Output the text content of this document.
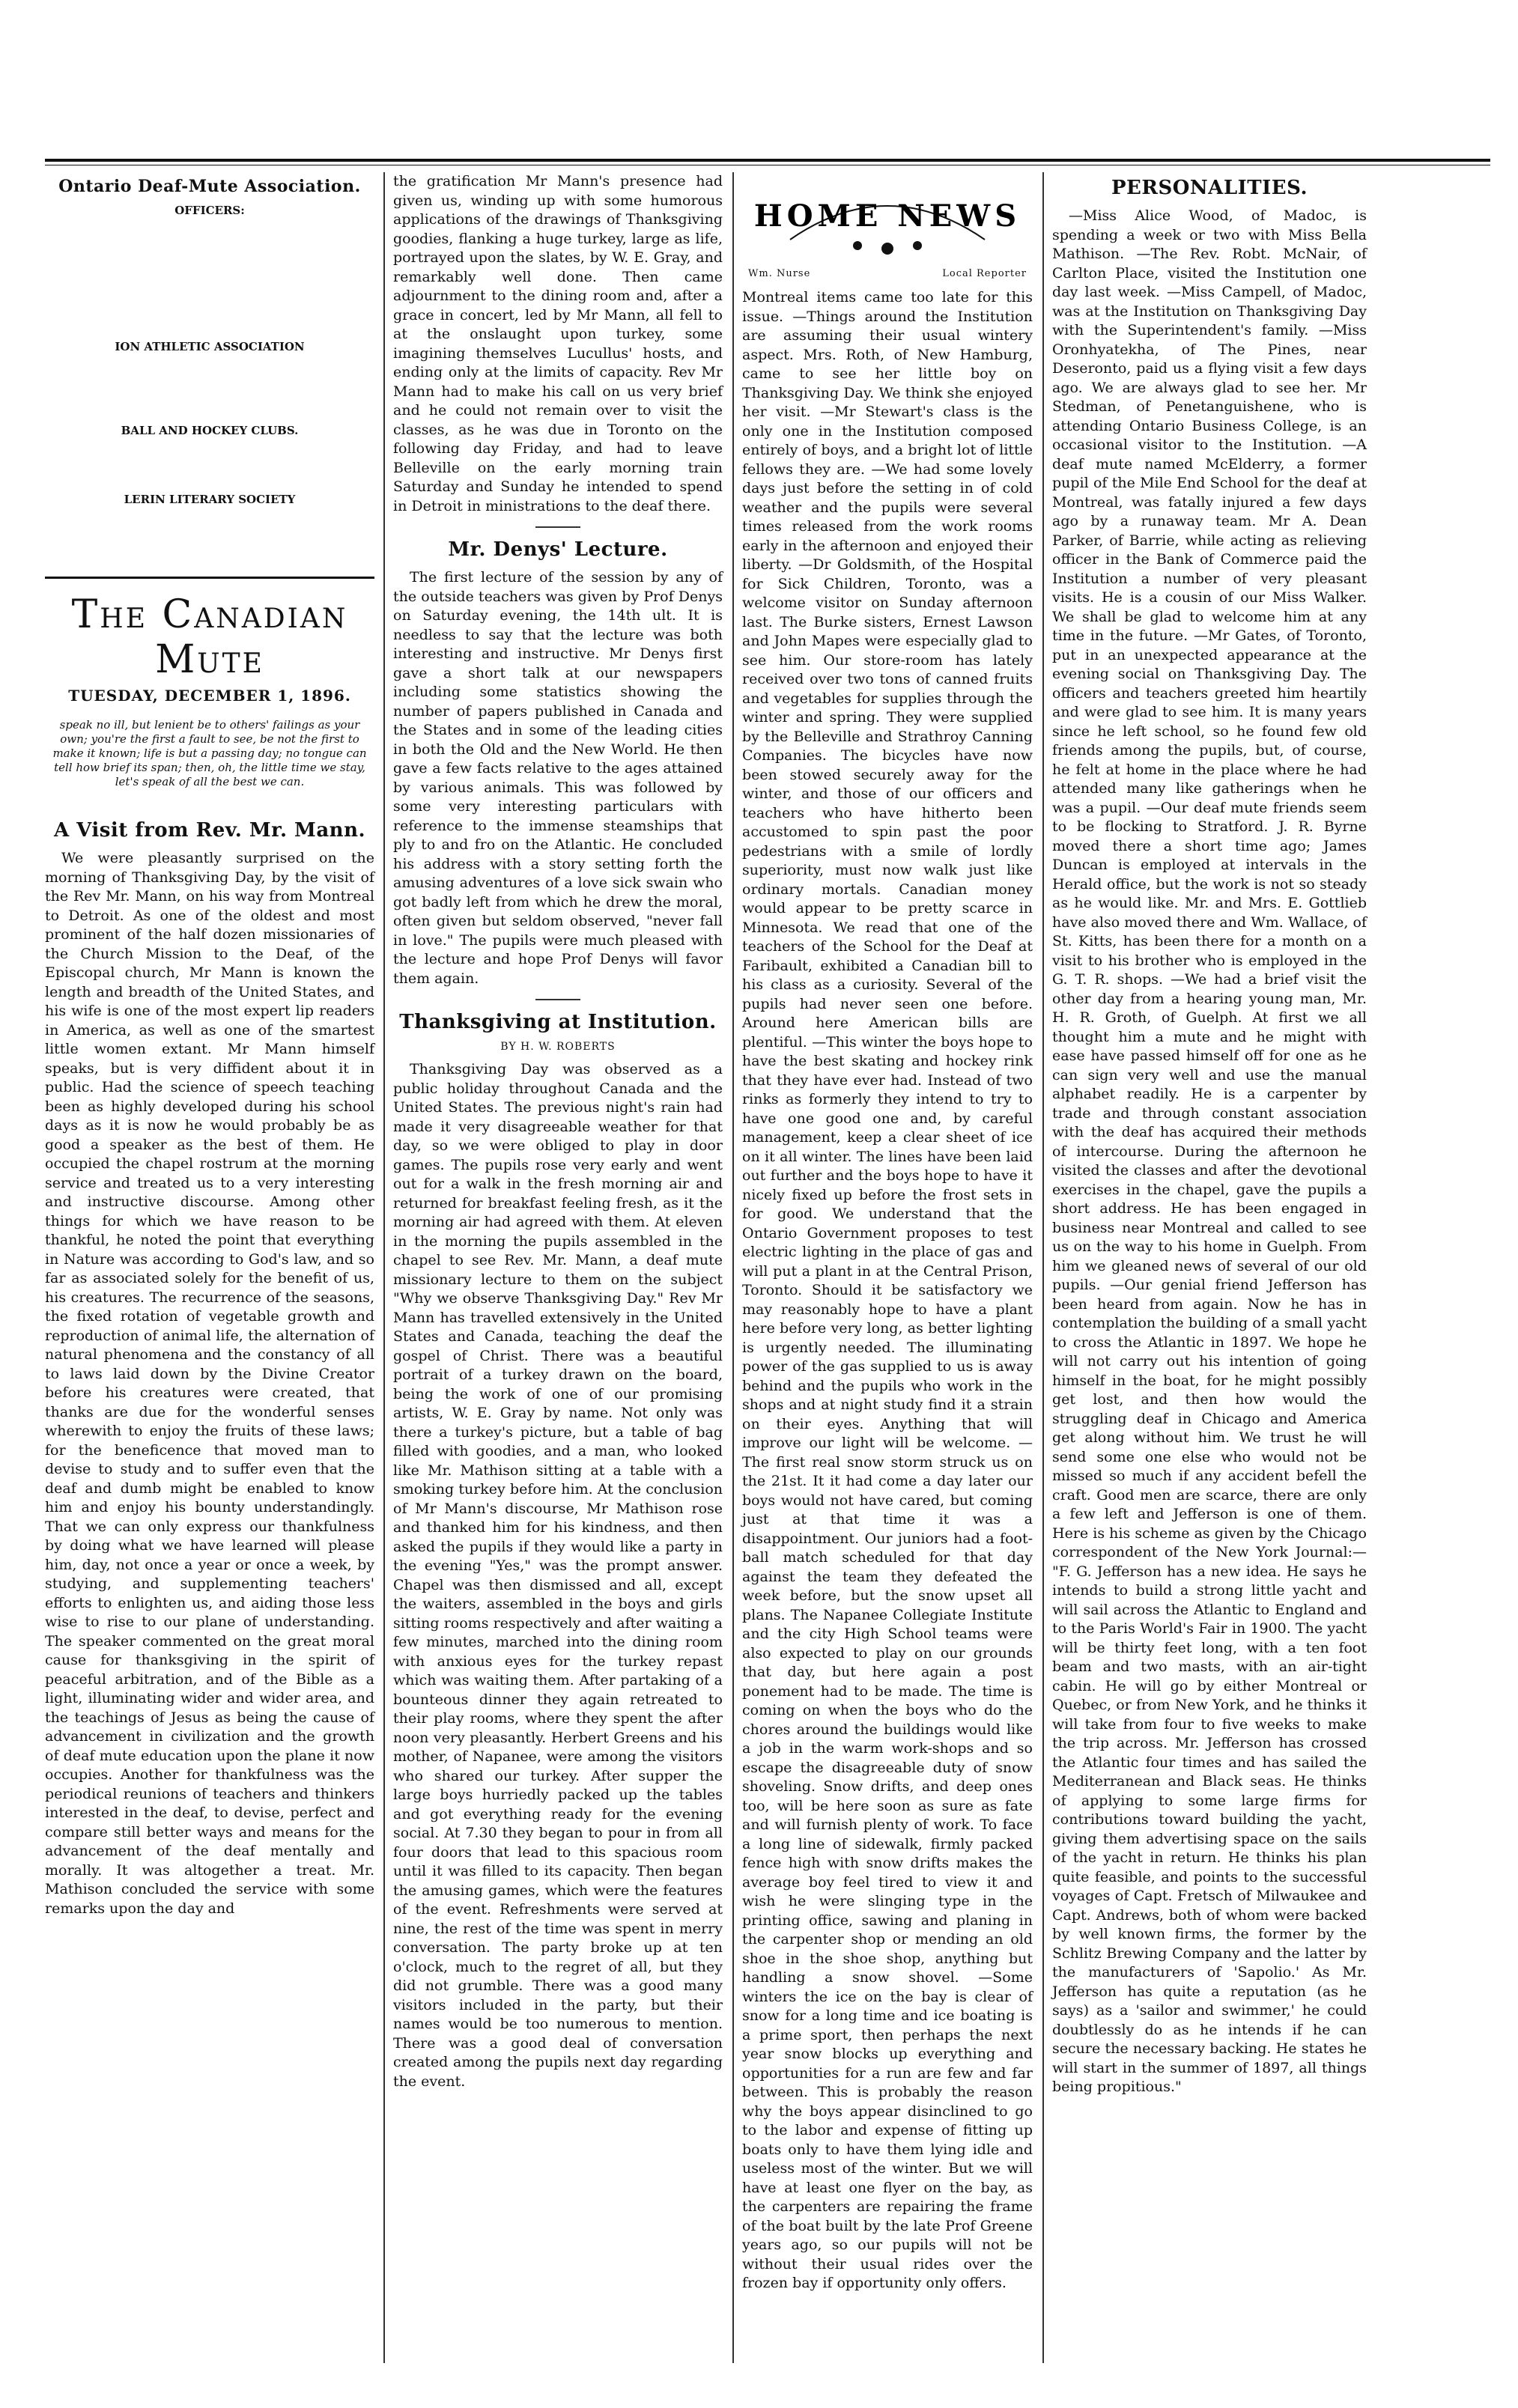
Ontario Deaf-Mute Association.
OFFICERS:
ION ATHLETIC ASSOCIATION
BALL AND HOCKEY CLUBS.
LERIN LITERARY SOCIETY
The Canadian Mute
TUESDAY, DECEMBER 1, 1896.
speak no ill, but lenient be to others' failings as your own; you're the first a fault to see, be not the first to make it known; life is but a passing day; no tongue can tell how brief its span; then, oh, the little time we stay, let's speak of all the best we can.
A Visit from Rev. Mr. Mann.

We were pleasantly surprised on the morning of Thanksgiving Day, by the visit of the Rev Mr. Mann, on his way from Montreal to Detroit. As one of the oldest and most prominent of the half dozen missionaries of the Church Mission to the Deaf, of the Episcopal church, Mr Mann is known the length and breadth of the United States, and his wife is one of the most expert lip readers in America, as well as one of the smartest little women extant. Mr Mann himself speaks, but is very diffident about it in public. Had the science of speech teaching been as highly developed during his school days as it is now he would probably be as good a speaker as the best of them. He occupied the chapel rostrum at the morning service and treated us to a very interesting and instructive discourse. Among other things for which we have reason to be thankful, he noted the point that everything in Nature was according to God's law, and so far as associated solely for the benefit of us, his creatures. The recurrence of the seasons, the fixed rotation of vegetable growth and reproduction of animal life, the alternation of natural phenomena and the constancy of all to laws laid down by the Divine Creator before his creatures were created, that thanks are due for the wonderful senses wherewith to enjoy the fruits of these laws; for the beneficence that moved man to devise to study and to suffer even that the deaf and dumb might be enabled to know him and enjoy his bounty understandingly. That we can only express our thankfulness by doing what we have learned will please him, day, not once a year or once a week, by studying, and supplementing teachers' efforts to enlighten us, and aiding those less wise to rise to our plane of understanding. The speaker commented on the great moral cause for thanksgiving in the spirit of peaceful arbitration, and of the Bible as a light, illuminating wider and wider area, and the teachings of Jesus as being the cause of advancement in civilization and the growth of deaf mute education upon the plane it now occupies. Another for thankfulness was the periodical reunions of teachers and thinkers interested in the deaf, to devise, perfect and compare still better ways and means for the advancement of the deaf mentally and morally. It was altogether a treat. Mr. Mathison concluded the service with some remarks upon the day and

the gratification Mr Mann's presence had given us, winding up with some humorous applications of the drawings of Thanksgiving goodies, flanking a huge turkey, large as life, portrayed upon the slates, by W. E. Gray, and remarkably well done. Then came adjournment to the dining room and, after a grace in concert, led by Mr Mann, all fell to at the onslaught upon turkey, some imagining themselves Lucullus' hosts, and ending only at the limits of capacity. Rev Mr Mann had to make his call on us very brief and he could not remain over to visit the classes, as he was due in Toronto on the following day Friday, and had to leave Belleville on the early morning train Saturday and Sunday he intended to spend in Detroit in ministrations to the deaf there.

Mr. Denys' Lecture.

The first lecture of the session by any of the outside teachers was given by Prof Denys on Saturday evening, the 14th ult. It is needless to say that the lecture was both interesting and instructive. Mr Denys first gave a short talk at our newspapers including some statistics showing the number of papers published in Canada and the States and in some of the leading cities in both the Old and the New World. He then gave a few facts relative to the ages attained by various animals. This was followed by some very interesting particulars with reference to the immense steamships that ply to and fro on the Atlantic. He concluded his address with a story setting forth the amusing adventures of a love sick swain who got badly left from which he drew the moral, often given but seldom observed, "never fall in love." The pupils were much pleased with the lecture and hope Prof Denys will favor them again.

Thanksgiving at Institution.
BY H. W. ROBERTS

Thanksgiving Day was observed as a public holiday throughout Canada and the United States. The previous night's rain had made it very disagreeable weather for that day, so we were obliged to play in door games. The pupils rose very early and went out for a walk in the fresh morning air and returned for breakfast feeling fresh, as it the morning air had agreed with them. At eleven in the morning the pupils assembled in the chapel to see Rev. Mr. Mann, a deaf mute missionary lecture to them on the subject "Why we observe Thanksgiving Day." Rev Mr Mann has travelled extensively in the United States and Canada, teaching the deaf the gospel of Christ. There was a beautiful portrait of a turkey drawn on the board, being the work of one of our promising artists, W. E. Gray by name. Not only was there a turkey's picture, but a table of bag filled with goodies, and a man, who looked like Mr. Mathison sitting at a table with a smoking turkey before him. At the conclusion of Mr Mann's discourse, Mr Mathison rose and thanked him for his kindness, and then asked the pupils if they would like a party in the evening "Yes," was the prompt answer. Chapel was then dismissed and all, except the waiters, assembled in the boys and girls sitting rooms respectively and after waiting a few minutes, marched into the dining room with anxious eyes for the turkey repast which was waiting them. After partaking of a bounteous dinner they again retreated to their play rooms, where they spent the after noon very pleasantly. Herbert Greens and his mother, of Napanee, were among the visitors who shared our turkey. After supper the large boys hurriedly packed up the tables and got everything ready for the evening social. At 7.30 they began to pour in from all four doors that lead to this spacious room until it was filled to its capacity. Then began the amusing games, which were the features of the event. Refreshments were served at nine, the rest of the time was spent in merry conversation. The party broke up at ten o'clock, much to the regret of all, but they did not grumble. There was a good many visitors included in the party, but their names would be too numerous to mention. There was a good deal of conversation created among the pupils next day regarding the event.

HOME NEWS
Wm. Nurse	Local Reporter

Montreal items came too late for this issue. —Things around the Institution are assuming their usual wintery aspect. Mrs. Roth, of New Hamburg, came to see her little boy on Thanksgiving Day. We think she enjoyed her visit. —Mr Stewart's class is the only one in the Institution composed entirely of boys, and a bright lot of little fellows they are. —We had some lovely days just before the setting in of cold weather and the pupils were several times released from the work rooms early in the afternoon and enjoyed their liberty. —Dr Goldsmith, of the Hospital for Sick Children, Toronto, was a welcome visitor on Sunday afternoon last. The Burke sisters, Ernest Lawson and John Mapes were especially glad to see him. Our store-room has lately received over two tons of canned fruits and vegetables for supplies through the winter and spring. They were supplied by the Belleville and Strathroy Canning Companies. The bicycles have now been stowed securely away for the winter, and those of our officers and teachers who have hitherto been accustomed to spin past the poor pedestrians with a smile of lordly superiority, must now walk just like ordinary mortals. Canadian money would appear to be pretty scarce in Minnesota. We read that one of the teachers of the School for the Deaf at Faribault, exhibited a Canadian bill to his class as a curiosity. Several of the pupils had never seen one before. Around here American bills are plentiful. —This winter the boys hope to have the best skating and hockey rink that they have ever had. Instead of two rinks as formerly they intend to try to have one good one and, by careful management, keep a clear sheet of ice on it all winter. The lines have been laid out further and the boys hope to have it nicely fixed up before the frost sets in for good. We understand that the Ontario Government proposes to test electric lighting in the place of gas and will put a plant in at the Central Prison, Toronto. Should it be satisfactory we may reasonably hope to have a plant here before very long, as better lighting is urgently needed. The illuminating power of the gas supplied to us is away behind and the pupils who work in the shops and at night study find it a strain on their eyes. Anything that will improve our light will be welcome. —The first real snow storm struck us on the 21st. It it had come a day later our boys would not have cared, but coming just at that time it was a disappointment. Our juniors had a foot-ball match scheduled for that day against the team they defeated the week before, but the snow upset all plans. The Napanee Collegiate Institute and the city High School teams were also expected to play on our grounds that day, but here again a post ponement had to be made. The time is coming on when the boys who do the chores around the buildings would like a job in the warm work-shops and so escape the disagreeable duty of snow shoveling. Snow drifts, and deep ones too, will be here soon as sure as fate and will furnish plenty of work. To face a long line of sidewalk, firmly packed fence high with snow drifts makes the average boy feel tired to view it and wish he were slinging type in the printing office, sawing and planing in the carpenter shop or mending an old shoe in the shoe shop, anything but handling a snow shovel. —Some winters the ice on the bay is clear of snow for a long time and ice boating is a prime sport, then perhaps the next year snow blocks up everything and opportunities for a run are few and far between. This is probably the reason why the boys appear disinclined to go to the labor and expense of fitting up boats only to have them lying idle and useless most of the winter. But we will have at least one flyer on the bay, as the carpenters are repairing the frame of the boat built by the late Prof Greene years ago, so our pupils will not be without their usual rides over the frozen bay if opportunity only offers.

PERSONALITIES.

—Miss Alice Wood, of Madoc, is spending a week or two with Miss Bella Mathison. —The Rev. Robt. McNair, of Carlton Place, visited the Institution one day last week. —Miss Campell, of Madoc, was at the Institution on Thanksgiving Day with the Superintendent's family. —Miss Oronhyatekha, of The Pines, near Deseronto, paid us a flying visit a few days ago. We are always glad to see her. Mr Stedman, of Penetanguishene, who is attending Ontario Business College, is an occasional visitor to the Institution. —A deaf mute named McElderry, a former pupil of the Mile End School for the deaf at Montreal, was fatally injured a few days ago by a runaway team. Mr A. Dean Parker, of Barrie, while acting as relieving officer in the Bank of Commerce paid the Institution a number of very pleasant visits. He is a cousin of our Miss Walker. We shall be glad to welcome him at any time in the future. —Mr Gates, of Toronto, put in an unexpected appearance at the evening social on Thanksgiving Day. The officers and teachers greeted him heartily and were glad to see him. It is many years since he left school, so he found few old friends among the pupils, but, of course, he felt at home in the place where he had attended many like gatherings when he was a pupil. —Our deaf mute friends seem to be flocking to Stratford. J. R. Byrne moved there a short time ago; James Duncan is employed at intervals in the Herald office, but the work is not so steady as he would like. Mr. and Mrs. E. Gottlieb have also moved there and Wm. Wallace, of St. Kitts, has been there for a month on a visit to his brother who is employed in the G. T. R. shops. —We had a brief visit the other day from a hearing young man, Mr. H. R. Groth, of Guelph. At first we all thought him a mute and he might with ease have passed himself off for one as he can sign very well and use the manual alphabet readily. He is a carpenter by trade and through constant association with the deaf has acquired their methods of intercourse. During the afternoon he visited the classes and after the devotional exercises in the chapel, gave the pupils a short address. He has been engaged in business near Montreal and called to see us on the way to his home in Guelph. From him we gleaned news of several of our old pupils. —Our genial friend Jefferson has been heard from again. Now he has in contemplation the building of a small yacht to cross the Atlantic in 1897. We hope he will not carry out his intention of going himself in the boat, for he might possibly get lost, and then how would the struggling deaf in Chicago and America get along without him. We trust he will send some one else who would not be missed so much if any accident befell the craft. Good men are scarce, there are only a few left and Jefferson is one of them. Here is his scheme as given by the Chicago correspondent of the New York Journal:— "F. G. Jefferson has a new idea. He says he intends to build a strong little yacht and will sail across the Atlantic to England and to the Paris World's Fair in 1900. The yacht will be thirty feet long, with a ten foot beam and two masts, with an air-tight cabin. He will go by either Montreal or Quebec, or from New York, and he thinks it will take from four to five weeks to make the trip across. Mr. Jefferson has crossed the Atlantic four times and has sailed the Mediterranean and Black seas. He thinks of applying to some large firms for contributions toward building the yacht, giving them advertising space on the sails of the yacht in return. He thinks his plan quite feasible, and points to the successful voyages of Capt. Fretsch of Milwaukee and Capt. Andrews, both of whom were backed by well known firms, the former by the Schlitz Brewing Company and the latter by the manufacturers of 'Sapolio.' As Mr. Jefferson has quite a reputation (as he says) as a 'sailor and swimmer,' he could doubtlessly do as he intends if he can secure the necessary backing. He states he will start in the summer of 1897, all things being propitious."
